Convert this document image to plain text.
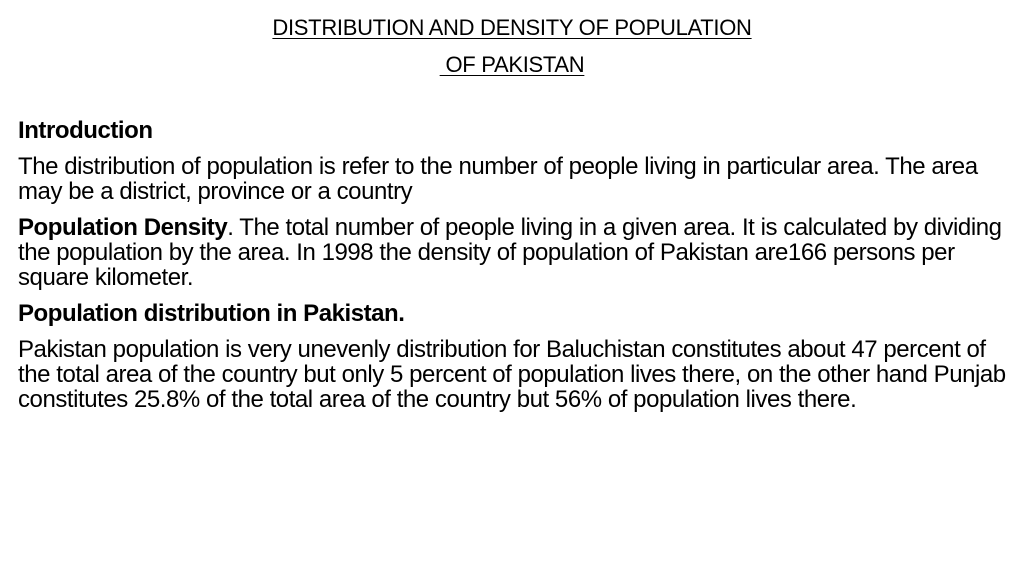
DISTRIBUTION AND DENSITY OF POPULATION
OF PAKISTAN

Introduction

The distribution of population is refer to the number of people living in particular area. The area may be a district, province or a country

Population Density. The total number of people living in a given area. It is calculated by dividing the population by the area. In 1998 the density of population of Pakistan are166 persons per square kilometer.

Population distribution in Pakistan.

Pakistan population is very unevenly distribution for Baluchistan constitutes about 47 percent of the total area of the country but only 5 percent of population lives there, on the other hand Punjab constitutes 25.8% of the total area of the country but 56% of population lives there.
